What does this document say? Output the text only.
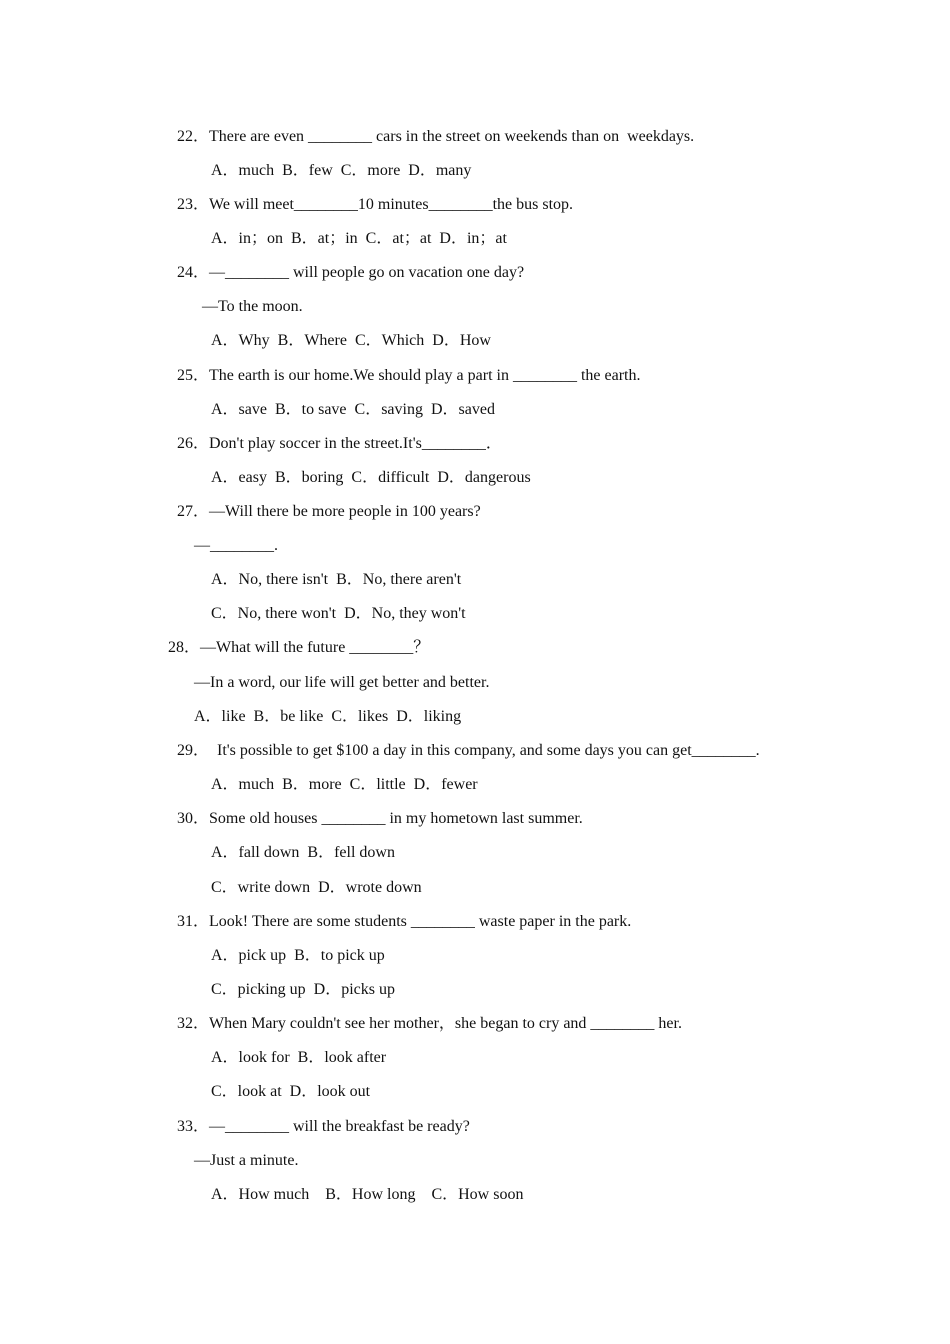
22．There are even ________ cars in the street on weekends than on  weekdays.
A．much  B．few  C．more  D．many
23．We will meet________10 minutes________the bus stop.
A．in；on  B．at；in  C．at；at  D．in；at
24．—________ will people go on vacation one day?
—To the moon.
A．Why  B．Where  C．Which  D．How
25．The earth is our home.We should play a part in ________ the earth.
A．save  B．to save  C．saving  D．saved
26．Don't play soccer in the street.It's________．
A．easy  B．boring  C．difficult  D．dangerous
27．—Will there be more people in 100 years?
—________.
A．No, there isn't  B．No, there aren't
C．No, there won't  D．No, they won't
28．—What will the future ________？
—In a word, our life will get better and better.
A．like  B．be like  C．likes  D．liking
29．  It's possible to get $100 a day in this company, and some days you can get________.
A．much  B．more  C．little  D．fewer
30．Some old houses ________ in my hometown last summer.
A．fall down  B．fell down
C．write down  D．wrote down
31．Look! There are some students ________ waste paper in the park.
A．pick up  B．to pick up
C．picking up  D．picks up
32．When Mary couldn't see her mother，she began to cry and ________ her.
A．look for  B．look after
C．look at  D．look out
33．—________ will the breakfast be ready?
—Just a minute.
A．How much    B．How long    C．How soon
